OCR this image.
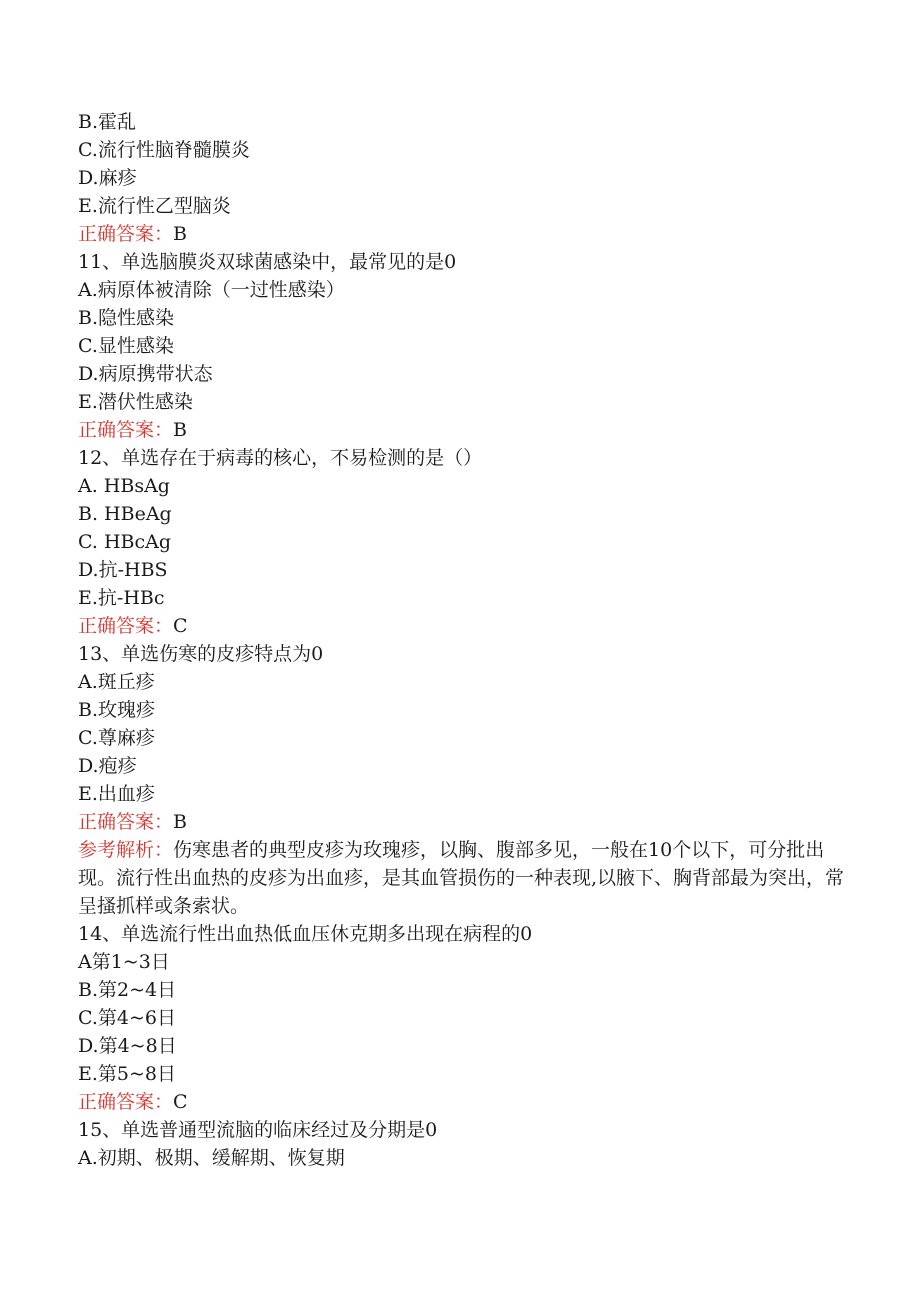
B.霍乱
C.流行性脑脊髓膜炎
D.麻疹
E.流行性乙型脑炎
正确答案：B
11、单选脑膜炎双球菌感染中，最常见的是0
A.病原体被清除（一过性感染）
B.隐性感染
C.显性感染
D.病原携带状态
E.潜伏性感染
正确答案：B
12、单选存在于病毒的核心，不易检测的是（）
A. HBsAg
B. HBeAg
C. HBcAg
D.抗-HBS
E.抗-HBc
正确答案：C
13、单选伤寒的皮疹特点为0
A.斑丘疹
B.玫瑰疹
C.尊麻疹
D.疱疹
E.出血疹
正确答案：B
参考解析：伤寒患者的典型皮疹为玫瑰疹，以胸、腹部多见，一般在10个以下，可分批出现。流行性出血热的皮疹为出血疹，是其血管损伤的一种表现,以腋下、胸背部最为突出，常呈搔抓样或条索状。
14、单选流行性出血热低血压休克期多出现在病程的0
A第1~3日
B.第2~4日
C.第4~6日
D.第4~8日
E.第5~8日
正确答案：C
15、单选普通型流脑的临床经过及分期是0
A.初期、极期、缓解期、恢复期
